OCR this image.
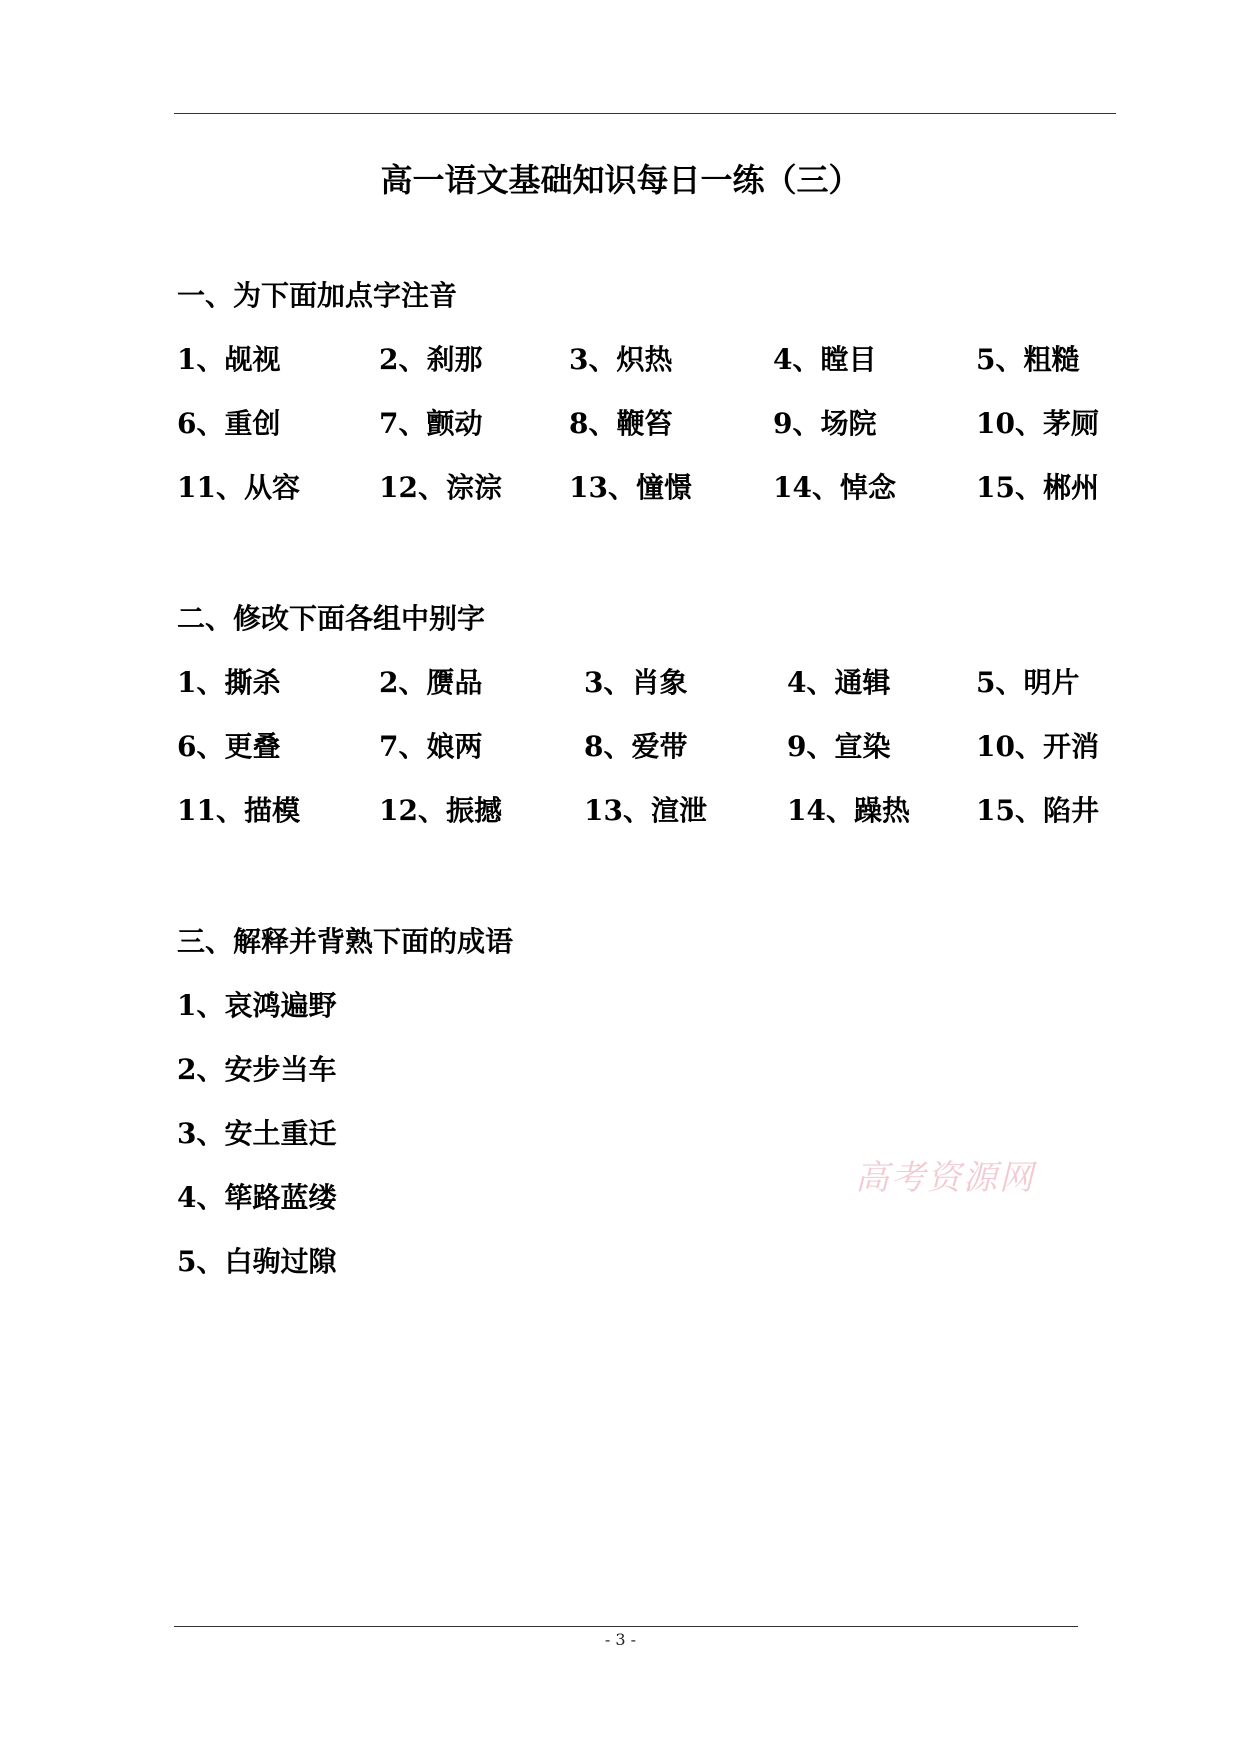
高一语文基础知识每日一练（三）
一、为下面加点字注音
1、觇视	2、刹那	3、炽热	4、瞠目	5、粗糙
6、重创	7、颤动	8、鞭笞	9、场院	10、茅厕
11、从容	12、淙淙 13、憧憬	14、悼念	15、郴州
二、修改下面各组中别字
1、撕杀	2、赝品	3、肖象	4、通辑	5、明片
6、更叠	7、娘两	8、爱带	9、宣染	10、开消
11、描模	12、振撼	13、渲泄	14、躁热 15、陷井
三、解释并背熟下面的成语
1、哀鸿遍野
2、安步当车
3、安土重迁
4、筚路蓝缕
5、白驹过隙
高考资源网
- 3 -
